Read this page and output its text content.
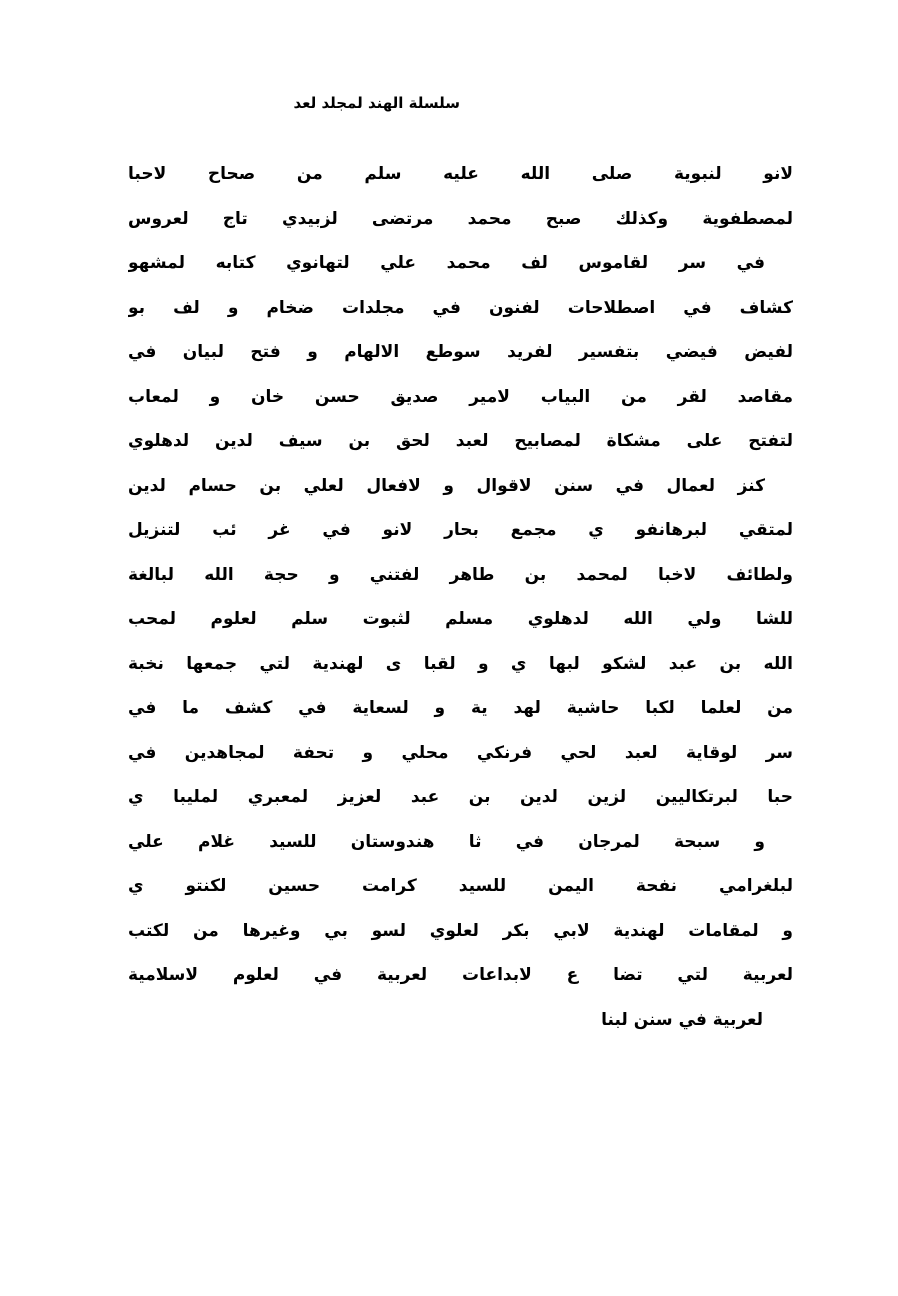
سلسلة الهند لمجلد لعد
لانو لنبوية صلى الله عليه سلم من صحاح لاحبا
لمصطفوية وكذلك صبح محمد مرتضى لزبيدي تاج لعروس
في سر لقاموس لف محمد علي لتهانوي كتابه لمشهو
كشاف في اصطلاحات لفنون في مجلدات ضخام و لف بو
لفيض فيضي بتفسير لفريد سوطع الالهام و فتح لبيان في
مقاصد لقر من البياب لامير صديق حسن خان و لمعاب
لتفتح على مشكاة لمصابيح لعبد لحق بن سيف لدين لدهلوي
كنز لعمال في سنن لاقوال و لافعال لعلي بن حسام لدين
لمتقي لبرهانفو ي مجمع بحار لانو في غر ئب لتنزيل
ولطائف لاخبا لمحمد بن طاهر لفتني و حجة الله لبالغة
للشا ولي الله لدهلوي مسلم لثبوت سلم لعلوم لمحب
الله بن عبد لشكو لبها ي و لقبا ى لهندية لتي جمعها نخبة
من لعلما لكبا حاشية لهد ية و لسعاية في كشف ما في
سر لوقاية لعبد لحي فرنكي محلي و تحفة لمجاهدين في
حبا لبرتكاليين لزين لدين بن عبد لعزيز لمعبري لمليبا ي
و سبحة لمرجان في ثا هندوستان للسيد غلام علي
لبلغرامي نفحة اليمن للسيد كرامت حسين لكنتو ي
و لمقامات لهندية لابي بكر لعلوي لسو بي وغيرها من لكتب
لعربية لتي تضا ع لابداعات لعربية في لعلوم لاسلامية
لعربية في سنن لبنا
